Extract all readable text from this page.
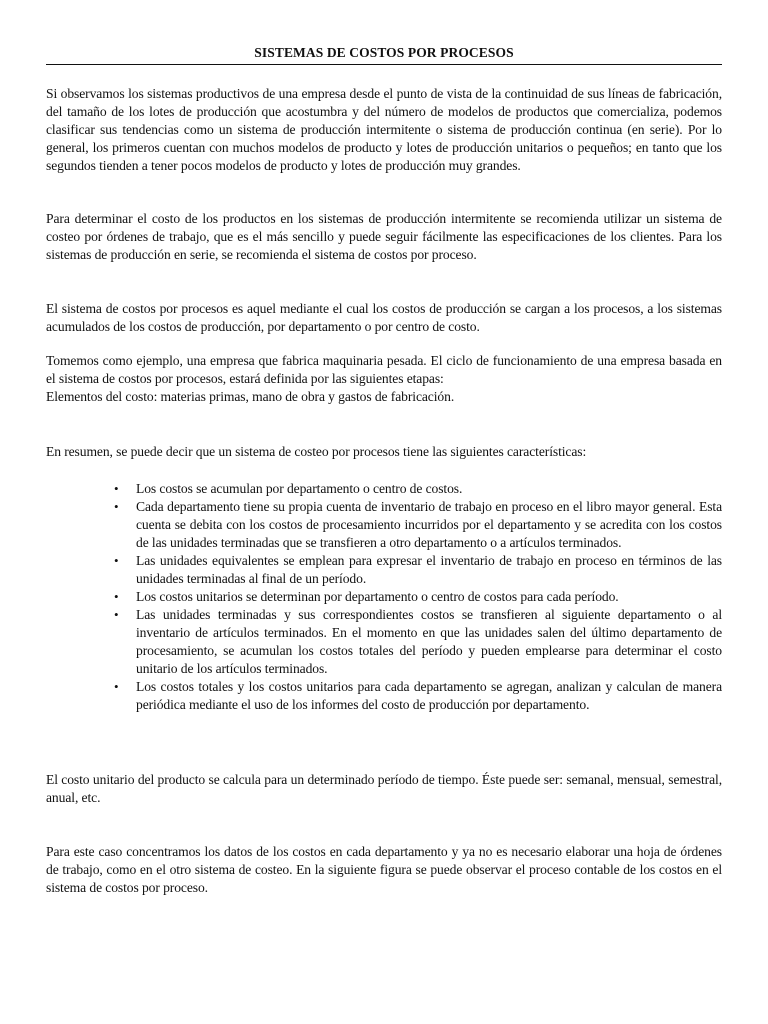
SISTEMAS DE COSTOS POR PROCESOS

Si observamos los sistemas productivos de una empresa desde el punto de vista de la continuidad de sus líneas de fabricación, del tamaño de los lotes de producción que acostumbra y del número de modelos de productos que comercializa, podemos clasificar sus tendencias como un sistema de producción intermitente o sistema de producción continua (en serie). Por lo general, los primeros cuentan con muchos modelos de producto y lotes de producción unitarios o pequeños; en tanto que los segundos tienden a tener pocos modelos de producto y lotes de producción muy grandes.

Para determinar el costo de los productos en los sistemas de producción intermitente se recomienda utilizar un sistema de costeo por órdenes de trabajo, que es el más sencillo y puede seguir fácilmente las especificaciones de los clientes. Para los sistemas de producción en serie, se recomienda el sistema de costos por proceso.

El sistema de costos por procesos es aquel mediante el cual los costos de producción se cargan a los procesos, a los sistemas acumulados de los costos de producción, por departamento o por centro de costo.

Tomemos como ejemplo, una empresa que fabrica maquinaria pesada. El ciclo de funcionamiento de una empresa basada en el sistema de costos por procesos, estará definida por las siguientes etapas:

Elementos del costo: materias primas, mano de obra y gastos de fabricación.

En resumen, se puede decir que un sistema de costeo por procesos tiene las siguientes características:

• Los costos se acumulan por departamento o centro de costos.
• Cada departamento tiene su propia cuenta de inventario de trabajo en proceso en el libro mayor general. Esta cuenta se debita con los costos de procesamiento incurridos por el departamento y se acredita con los costos de las unidades terminadas que se transfieren a otro departamento o a artículos terminados.
• Las unidades equivalentes se emplean para expresar el inventario de trabajo en proceso en términos de las unidades terminadas al final de un período.
• Los costos unitarios se determinan por departamento o centro de costos para cada período.
• Las unidades terminadas y sus correspondientes costos se transfieren al siguiente departamento o al inventario de artículos terminados. En el momento en que las unidades salen del último departamento de procesamiento, se acumulan los costos totales del período y pueden emplearse para determinar el costo unitario de los artículos terminados.
• Los costos totales y los costos unitarios para cada departamento se agregan, analizan y calculan de manera periódica mediante el uso de los informes del costo de producción por departamento.

El costo unitario del producto se calcula para un determinado período de tiempo. Éste puede ser: semanal, mensual, semestral, anual, etc.

Para este caso concentramos los datos de los costos en cada departamento y ya no es necesario elaborar una hoja de órdenes de trabajo, como en el otro sistema de costeo. En la siguiente figura se puede observar el proceso contable de los costos en el sistema de costos por proceso.
